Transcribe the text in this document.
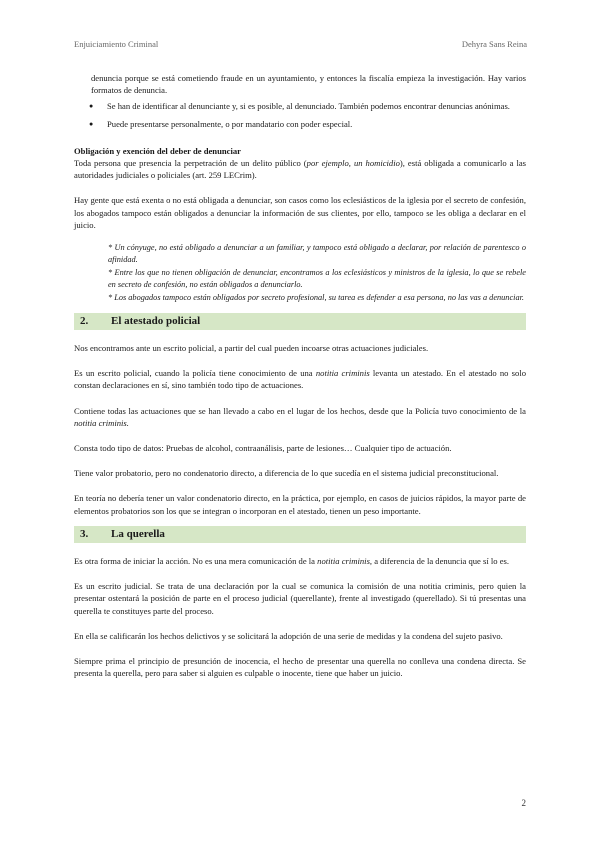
Enjuiciamiento Criminal	Dehyra Sans Reina

denuncia porque se está cometiendo fraude en un ayuntamiento, y entonces la fiscalía empieza la investigación. Hay varios formatos de denuncia.

● Se han de identificar al denunciante y, si es posible, al denunciado. También podemos encontrar denuncias anónimas.
● Puede presentarse personalmente, o por mandatario con poder especial.

Obligación y exención del deber de denunciar

Toda persona que presencia la perpetración de un delito público (por ejemplo, un homicidio), está obligada a comunicarlo a las autoridades judiciales o policiales (art. 259 LECrim).

Hay gente que está exenta o no está obligada a denunciar, son casos como los eclesiásticos de la iglesia por el secreto de confesión, los abogados tampoco están obligados a denunciar la información de sus clientes, por ello, tampoco se les obliga a declarar en el juicio.

* Un cónyuge, no está obligado a denunciar a un familiar, y tampoco está obligado a declarar, por relación de parentesco o afinidad.

* Entre los que no tienen obligación de denunciar, encontramos a los eclesiásticos y ministros de la iglesia, lo que se rebele en secreto de confesión, no están obligados a denunciarlo.

* Los abogados tampoco están obligados por secreto profesional, su tarea es defender a esa persona, no las vas a denunciar.

2.	El atestado policial

Nos encontramos ante un escrito policial, a partir del cual pueden incoarse otras actuaciones judiciales.

Es un escrito policial, cuando la policía tiene conocimiento de una notitia criminis levanta un atestado. En el atestado no solo constan declaraciones en sí, sino también todo tipo de actuaciones.

Contiene todas las actuaciones que se han llevado a cabo en el lugar de los hechos, desde que la Policía tuvo conocimiento de la notitia criminis.

Consta todo tipo de datos: Pruebas de alcohol, contraanálisis, parte de lesiones… Cualquier tipo de actuación.

Tiene valor probatorio, pero no condenatorio directo, a diferencia de lo que sucedía en el sistema judicial preconstitucional.

En teoría no debería tener un valor condenatorio directo, en la práctica, por ejemplo, en casos de juicios rápidos, la mayor parte de elementos probatorios son los que se integran o incorporan en el atestado, tienen un peso importante.

3.	La querella

Es otra forma de iniciar la acción. No es una mera comunicación de la notitia criminis, a diferencia de la denuncia que sí lo es.

Es un escrito judicial. Se trata de una declaración por la cual se comunica la comisión de una notitia criminis, pero quien la presentar ostentará la posición de parte en el proceso judicial (querellante), frente al investigado (querellado). Si tú presentas una querella te constituyes parte del proceso.

En ella se calificarán los hechos delictivos y se solicitará la adopción de una serie de medidas y la condena del sujeto pasivo.

Siempre prima el principio de presunción de inocencia, el hecho de presentar una querella no conlleva una condena directa. Se presenta la querella, pero para saber si alguien es culpable o inocente, tiene que haber un juicio.

2
